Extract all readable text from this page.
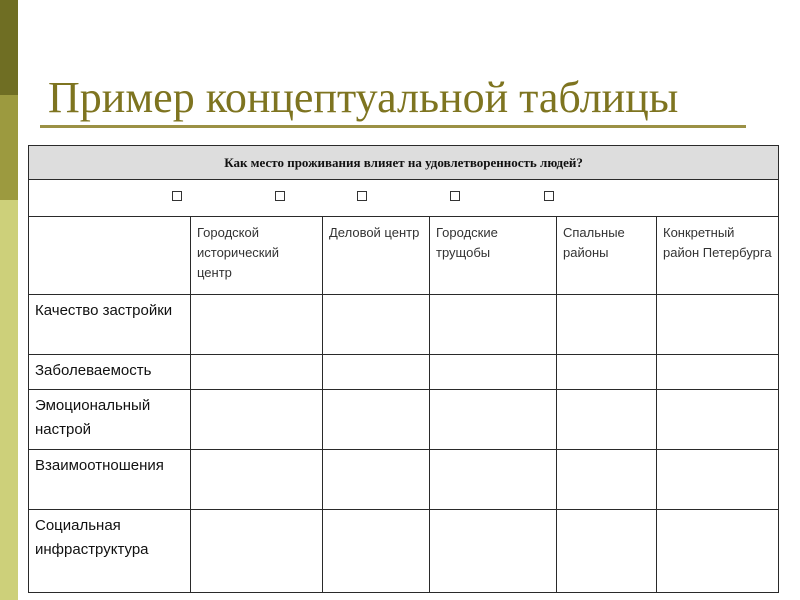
Пример концептуальной таблицы
Как место проживания влияет на удовлетворенность людей?					

	Городской исторический центр	Деловой центр	Городские трущобы	Спальные районы	Конкретный район Петербурга

Качество застройки					

Заболеваемость					

Эмоциональный настрой					

Взаимоотношения					

Социальная инфраструктура					
